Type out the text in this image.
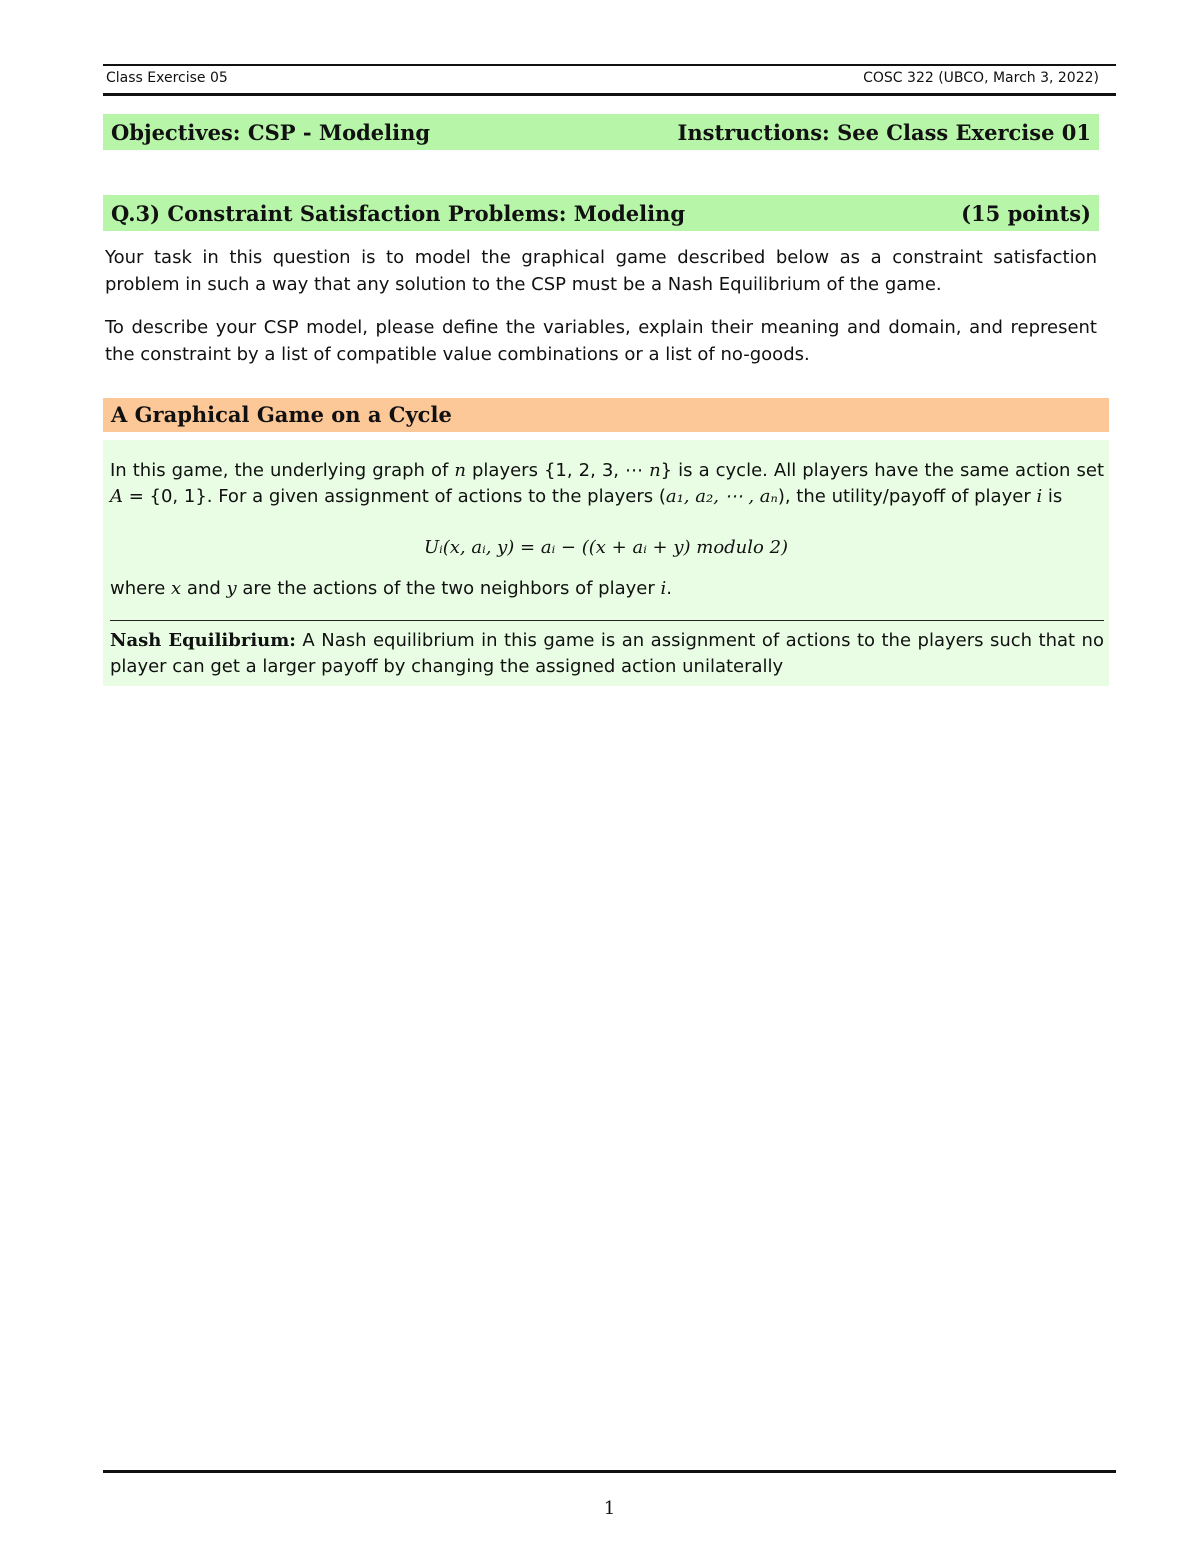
Class Exercise 05	COSC 322 (UBCO, March 3, 2022)
Objectives: CSP - Modeling	Instructions: See Class Exercise 01
Q.3) Constraint Satisfaction Problems: Modeling	(15 points)
Your task in this question is to model the graphical game described below as a constraint satisfaction problem in such a way that any solution to the CSP must be a Nash Equilibrium of the game.
To describe your CSP model, please define the variables, explain their meaning and domain, and represent the constraint by a list of compatible value combinations or a list of no-goods.
A Graphical Game on a Cycle
In this game, the underlying graph of n players {1, 2, 3, ⋯ n} is a cycle. All players have the same action set A = {0, 1}. For a given assignment of actions to the players (a₁, a₂, ⋯ , aₙ), the utility/payoff of player i is
Uᵢ(x, aᵢ, y) = aᵢ − ((x + aᵢ + y) modulo 2)
where x and y are the actions of the two neighbors of player i.
Nash Equilibrium: A Nash equilibrium in this game is an assignment of actions to the players such that no player can get a larger payoff by changing the assigned action unilaterally
1
